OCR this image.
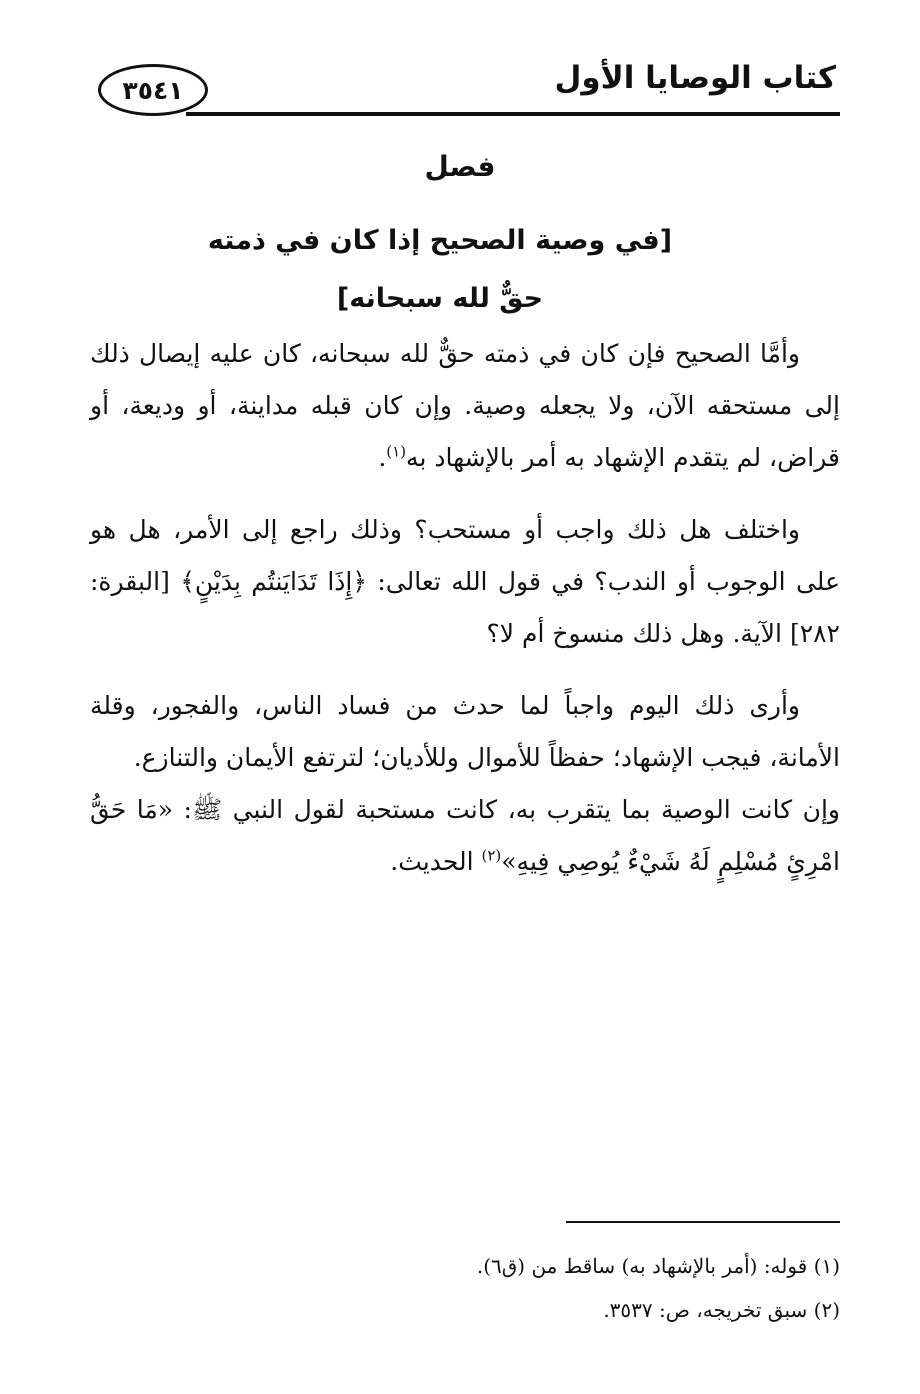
٣٥٤١	كتاب الوصايا الأول
فصل
[في وصية الصحيح إذا كان في ذمته
حقٌّ لله سبحانه]

وأمَّا الصحيح فإن كان في ذمته حقٌّ لله سبحانه، كان عليه إيصال ذلك إلى مستحقه الآن، ولا يجعله وصية. وإن كان قبله مداينة، أو وديعة، أو قراض، لم يتقدم الإشهاد به أمر بالإشهاد به$^{(١)}$.

واختلف هل ذلك واجب أو مستحب؟ وذلك راجع إلى الأمر، هل هو على الوجوب أو الندب؟ في قول الله تعالى: ﴿إِذَا تَدَايَنتُم بِدَيْنٍ﴾ [البقرة: ٢٨٢] الآية. وهل ذلك منسوخ أم لا؟

وأرى ذلك اليوم واجباً لما حدث من فساد الناس، والفجور، وقلة الأمانة، فيجب الإشهاد؛ حفظاً للأموال وللأديان؛ لترتفع الأيمان والتنازع.

وإن كانت الوصية بما يتقرب به، كانت مستحبة لقول النبي ﷺ: «مَا حَقُّ امْرِئٍ مُسْلِمٍ لَهُ شَيْءٌ يُوصِي فِيهِ»$^{(٢)}$ الحديث.

(١) قوله: (أمر بالإشهاد به) ساقط من (ق٦).
(٢) سبق تخريجه، ص: ٣٥٣٧.
